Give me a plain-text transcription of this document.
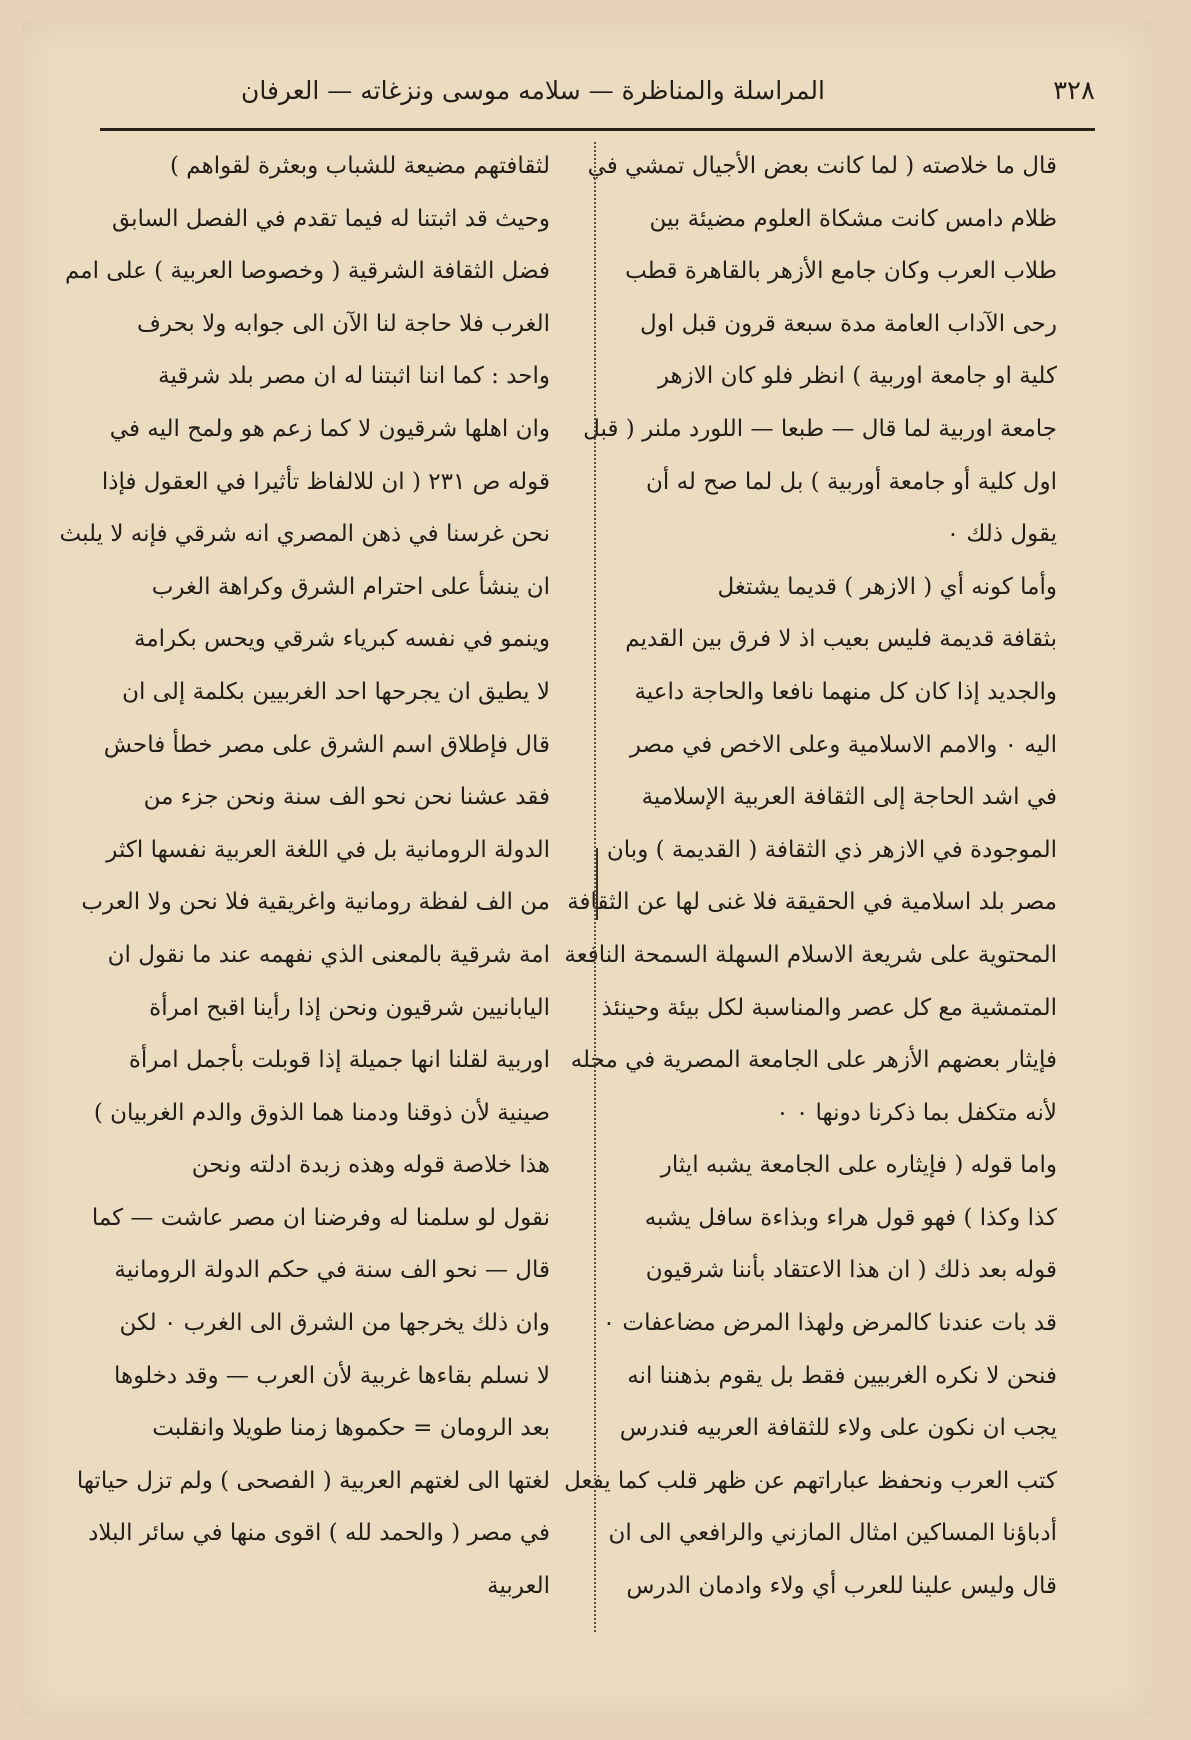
٣٢٨
المراسلة والمناظرة — سلامه موسى ونزغاته — العرفان
قال ما خلاصته ( لما كانت بعض الأجيال تمشي في
ظلام دامس كانت مشكاة العلوم مضيئة بين
طلاب العرب وكان جامع الأزهر بالقاهرة قطب
رحى الآداب العامة مدة سبعة قرون قبل اول
كلية او جامعة اوربية ) انظر فلو كان الازهر
جامعة اوربية لما قال — طبعا — اللورد ملنر ( قبل
اول كلية أو جامعة أوربية ) بل لما صح له أن
يقول ذلك ٠
وأما كونه أي ( الازهر ) قديما يشتغل
بثقافة قديمة فليس بعيب اذ لا فرق بين القديم
والجديد إذا كان كل منهما نافعا والحاجة داعية
اليه ٠ والامم الاسلامية وعلى الاخص في مصر
في اشد الحاجة إلى الثقافة العربية الإسلامية
الموجودة في الازهر ذي الثقافة ( القديمة ) وبان
مصر بلد اسلامية في الحقيقة فلا غنى لها عن الثقافة
المحتوية على شريعة الاسلام السهلة السمحة النافعة
المتمشية مع كل عصر والمناسبة لكل بيئة وحينئذ
فإيثار بعضهم الأزهر على الجامعة المصرية في محله
لأنه متكفل بما ذكرنا دونها ٠ ٠
واما قوله ( فإيثاره على الجامعة يشبه ايثار
كذا وكذا ) فهو قول هراء وبذاءة سافل يشبه
قوله بعد ذلك ( ان هذا الاعتقاد بأننا شرقيون
قد بات عندنا كالمرض ولهذا المرض مضاعفات ٠
فنحن لا نكره الغربيين فقط بل يقوم بذهننا انه
يجب ان نكون على ولاء للثقافة العربيه فندرس
كتب العرب ونحفظ عباراتهم عن ظهر قلب كما يفعل
أدباؤنا المساكين امثال المازني والرافعي الى ان
قال وليس علينا للعرب أي ولاء وادمان الدرس
لثقافتهم مضيعة للشباب وبعثرة لقواهم )
وحيث قد اثبتنا له فيما تقدم في الفصل السابق
فضل الثقافة الشرقية ( وخصوصا العربية ) على امم
الغرب فلا حاجة لنا الآن الى جوابه ولا بحرف
واحد : كما اننا اثبتنا له ان مصر بلد شرقية
وان اهلها شرقيون لا كما زعم هو ولمح اليه في
قوله ص ٢٣١ ( ان للالفاظ تأثيرا في العقول فإذا
نحن غرسنا في ذهن المصري انه شرقي فإنه لا يلبث
ان ينشأ على احترام الشرق وكراهة الغرب
وينمو في نفسه كبرياء شرقي ويحس بكرامة
لا يطيق ان يجرحها احد الغربيين بكلمة إلى ان
قال فإطلاق اسم الشرق على مصر خطأ فاحش
فقد عشنا نحن نحو الف سنة ونحن جزء من
الدولة الرومانية بل في اللغة العربية نفسها اكثر
من الف لفظة رومانية واغريقية فلا نحن ولا العرب
امة شرقية بالمعنى الذي نفهمه عند ما نقول ان
اليابانيين شرقيون ونحن إذا رأينا اقبح امرأة
اوربية لقلنا انها جميلة إذا قوبلت بأجمل امرأة
صينية لأن ذوقنا ودمنا هما الذوق والدم الغربيان )
هذا خلاصة قوله وهذه زبدة ادلته ونحن
نقول لو سلمنا له وفرضنا ان مصر عاشت — كما
قال — نحو الف سنة في حكم الدولة الرومانية
وان ذلك يخرجها من الشرق الى الغرب ٠ لكن
لا نسلم بقاءها غربية لأن العرب — وقد دخلوها
بعد الرومان = حكموها زمنا طويلا وانقلبت
لغتها الى لغتهم العربية ( الفصحى ) ولم تزل حياتها
في مصر ( والحمد لله ) اقوى منها في سائر البلاد
العربية
